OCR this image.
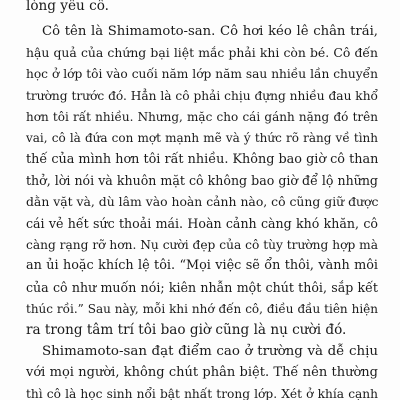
lòng yêu cô.
Cô tên là Shimamoto-san. Cô hơi kéo lê chân trái,
hậu quả của chứng bại liệt mắc phải khi còn bé. Cô đến
học ở lớp tôi vào cuối năm lớp năm sau nhiều lần chuyển
trường trước đó. Hẳn là cô phải chịu đựng nhiều đau khổ
hơn tôi rất nhiều. Nhưng, mặc cho cái gánh nặng đó trên
vai, cô là đứa con mợt mạnh mẽ và ý thức rõ ràng về tình
thế của mình hơn tôi rất nhiều. Không bao giờ cô than
thở, lời nói và khuôn mặt cô không bao giờ để lộ những
dằn vặt và, dù lâm vào hoàn cảnh nào, cô cũng giữ được
cái vẻ hết sức thoải mái. Hoàn cảnh càng khó khăn, cô
càng rạng rỡ hơn. Nụ cười đẹp của cô tùy trường hợp mà
an ủi hoặc khích lệ tôi. “Mọi việc sẽ ổn thôi, vành môi
của cô như muốn nói; kiên nhẫn một chút thôi, sắp kết
thúc rồi.” Sau này, mỗi khi nhớ đến cô, điều đầu tiên hiện
ra trong tâm trí tôi bao giờ cũng là nụ cười đó.
Shimamoto-san đạt điểm cao ở trường và dễ chịu
với mọi người, không chút phân biệt. Thế nên thường
thì cô là học sinh nổi bật nhất trong lớp. Xét ở khía cạnh
